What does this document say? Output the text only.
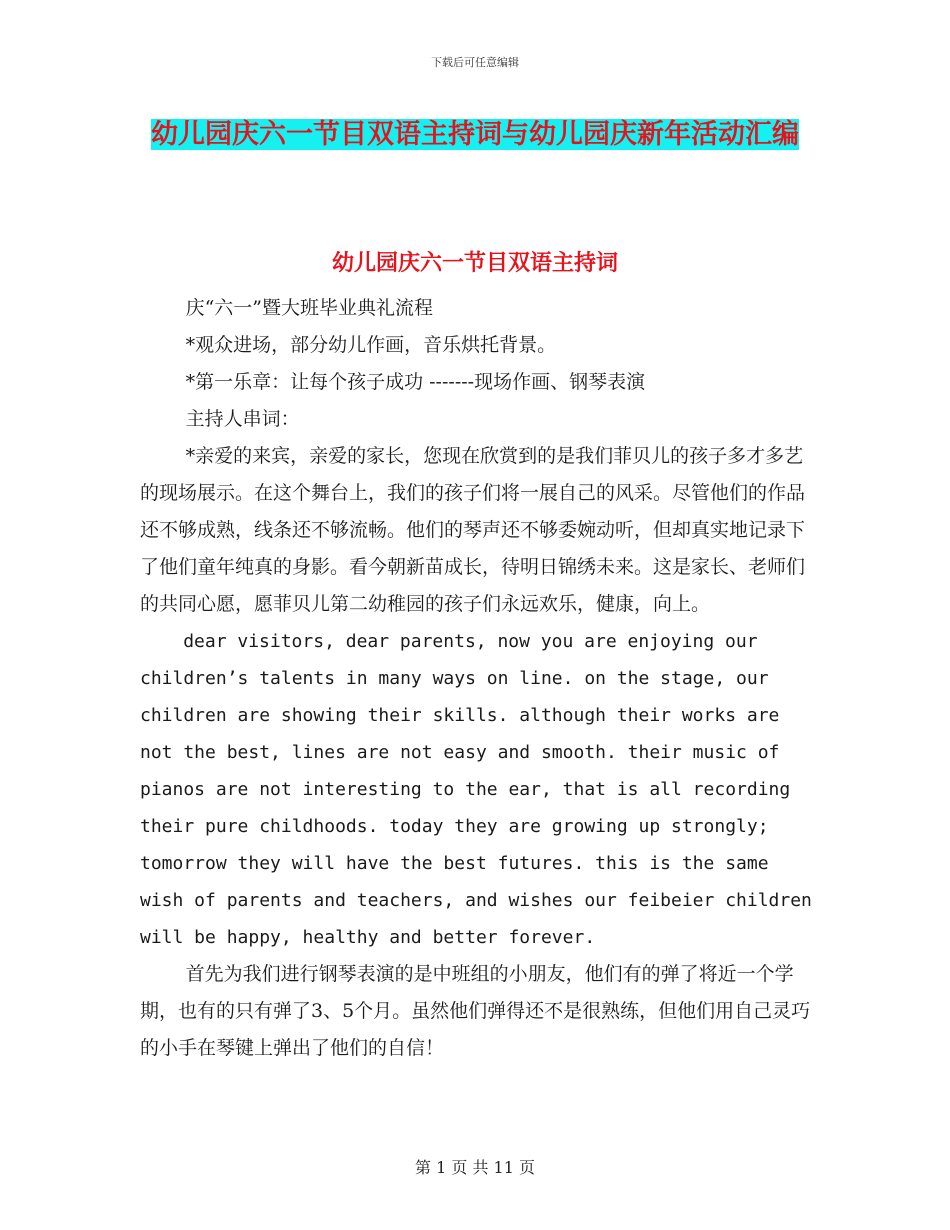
下载后可任意编辑
幼儿园庆六一节目双语主持词与幼儿园庆新年活动汇编
幼儿园庆六一节目双语主持词

庆“六一”暨大班毕业典礼流程

*观众进场，部分幼儿作画，音乐烘托背景。

*第一乐章：让每个孩子成功 -------现场作画、钢琴表演

主持人串词：

*亲爱的来宾，亲爱的家长，您现在欣赏到的是我们菲贝儿的孩子多才多艺的现场展示。在这个舞台上，我们的孩子们将一展自己的风采。尽管他们的作品还不够成熟，线条还不够流畅。他们的琴声还不够委婉动听，但却真实地记录下了他们童年纯真的身影。看今朝新苗成长，待明日锦绣未来。这是家长、老师们的共同心愿，愿菲贝儿第二幼稚园的孩子们永远欢乐，健康，向上。

dear visitors, dear parents, now you are enjoying our children’s talents in many ways on line. on the stage, our children are showing their skills. although their works are not the best, lines are not easy and smooth. their music of pianos are not interesting to the ear, that is all recording their pure childhoods. today they are growing up strongly; tomorrow they will have the best futures. this is the same wish of parents and teachers, and wishes our feibeier children will be happy, healthy and better forever.

首先为我们进行钢琴表演的是中班组的小朋友，他们有的弹了将近一个学期，也有的只有弹了3、5个月。虽然他们弹得还不是很熟练，但他们用自己灵巧的小手在琴键上弹出了他们的自信！

第 1 页 共 11 页
